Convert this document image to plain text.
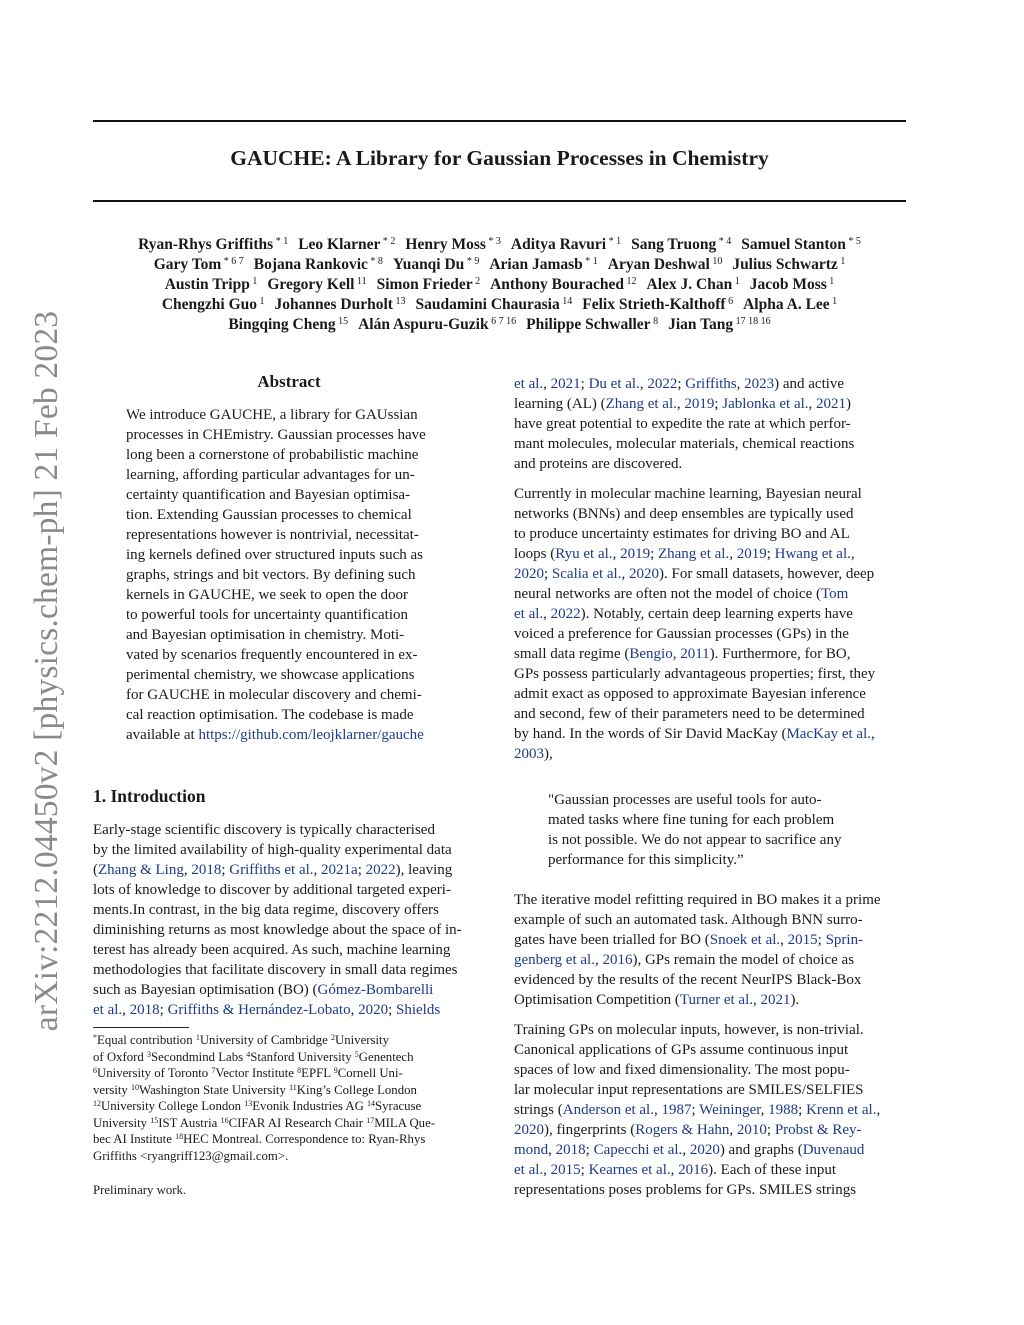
arXiv:2212.04450v2 [physics.chem-ph] 21 Feb 2023
GAUCHE: A Library for Gaussian Processes in Chemistry
Ryan-Rhys Griffiths $^{* 1}$ Leo Klarner $^{* 2}$ Henry Moss $^{* 3}$ Aditya Ravuri $^{* 1}$ Sang Truong $^{* 4}$ Samuel Stanton $^{* 5}$
Gary Tom $^{* 6 7}$ Bojana Rankovic $^{* 8}$ Yuanqi Du $^{* 9}$ Arian Jamasb $^{* 1}$ Aryan Deshwal $^{10}$ Julius Schwartz $^1$
Austin Tripp $^1$ Gregory Kell $^{11}$ Simon Frieder $^2$ Anthony Bourached $^{12}$ Alex J. Chan $^1$ Jacob Moss $^1$
Chengzhi Guo $^1$ Johannes Durholt $^{13}$ Saudamini Chaurasia $^{14}$ Felix Strieth-Kalthoff $^6$ Alpha A. Lee $^1$
Bingqing Cheng $^{15}$ Alán Aspuru-Guzik $^{6 7 16}$ Philippe Schwaller $^8$ Jian Tang $^{17 18 16}$
Abstract
We introduce GAUCHE, a library for GAUssian
processes in CHEmistry. Gaussian processes have
long been a cornerstone of probabilistic machine
learning, affording particular advantages for un-
certainty quantification and Bayesian optimisa-
tion. Extending Gaussian processes to chemical
representations however is nontrivial, necessitat-
ing kernels defined over structured inputs such as
graphs, strings and bit vectors. By defining such
kernels in GAUCHE, we seek to open the door
to powerful tools for uncertainty quantification
and Bayesian optimisation in chemistry. Moti-
vated by scenarios frequently encountered in ex-
perimental chemistry, we showcase applications
for GAUCHE in molecular discovery and chemi-
cal reaction optimisation. The codebase is made
available at https://github.com/leojklarner/gauche
1. Introduction
Early-stage scientific discovery is typically characterised
by the limited availability of high-quality experimental data
(Zhang & Ling, 2018; Griffiths et al., 2021a; 2022), leaving
lots of knowledge to discover by additional targeted experi-
ments.In contrast, in the big data regime, discovery offers
diminishing returns as most knowledge about the space of in-
terest has already been acquired. As such, machine learning
methodologies that facilitate discovery in small data regimes
such as Bayesian optimisation (BO) (Gómez-Bombarelli
et al., 2018; Griffiths & Hernández-Lobato, 2020; Shields
*Equal contribution $^1$University of Cambridge $^2$University
of Oxford $^3$Secondmind Labs $^4$Stanford University $^5$Genentech
$^6$University of Toronto $^7$Vector Institute $^8$EPFL $^9$Cornell Uni-
versity $^{10}$Washington State University $^{11}$King’s College London
$^{12}$University College London $^{13}$Evonik Industries AG $^{14}$Syracuse
University $^{15}$IST Austria $^{16}$CIFAR AI Research Chair $^{17}$MILA Que-
bec AI Institute $^{18}$HEC Montreal. Correspondence to: Ryan-Rhys
Griffiths <ryangriff123@gmail.com>.
Preliminary work.
et al., 2021; Du et al., 2022; Griffiths, 2023) and active
learning (AL) (Zhang et al., 2019; Jablonka et al., 2021)
have great potential to expedite the rate at which perfor-
mant molecules, molecular materials, chemical reactions
and proteins are discovered.
Currently in molecular machine learning, Bayesian neural
networks (BNNs) and deep ensembles are typically used
to produce uncertainty estimates for driving BO and AL
loops (Ryu et al., 2019; Zhang et al., 2019; Hwang et al.,
2020; Scalia et al., 2020). For small datasets, however, deep
neural networks are often not the model of choice (Tom
et al., 2022). Notably, certain deep learning experts have
voiced a preference for Gaussian processes (GPs) in the
small data regime (Bengio, 2011). Furthermore, for BO,
GPs possess particularly advantageous properties; first, they
admit exact as opposed to approximate Bayesian inference
and second, few of their parameters need to be determined
by hand. In the words of Sir David MacKay (MacKay et al.,
2003),
"Gaussian processes are useful tools for auto-
mated tasks where fine tuning for each problem
is not possible. We do not appear to sacrifice any
performance for this simplicity.”
The iterative model refitting required in BO makes it a prime
example of such an automated task. Although BNN surro-
gates have been trialled for BO (Snoek et al., 2015; Sprin-
genberg et al., 2016), GPs remain the model of choice as
evidenced by the results of the recent NeurIPS Black-Box
Optimisation Competition (Turner et al., 2021).
Training GPs on molecular inputs, however, is non-trivial.
Canonical applications of GPs assume continuous input
spaces of low and fixed dimensionality. The most popu-
lar molecular input representations are SMILES/SELFIES
strings (Anderson et al., 1987; Weininger, 1988; Krenn et al.,
2020), fingerprints (Rogers & Hahn, 2010; Probst & Rey-
mond, 2018; Capecchi et al., 2020) and graphs (Duvenaud
et al., 2015; Kearnes et al., 2016). Each of these input
representations poses problems for GPs. SMILES strings
